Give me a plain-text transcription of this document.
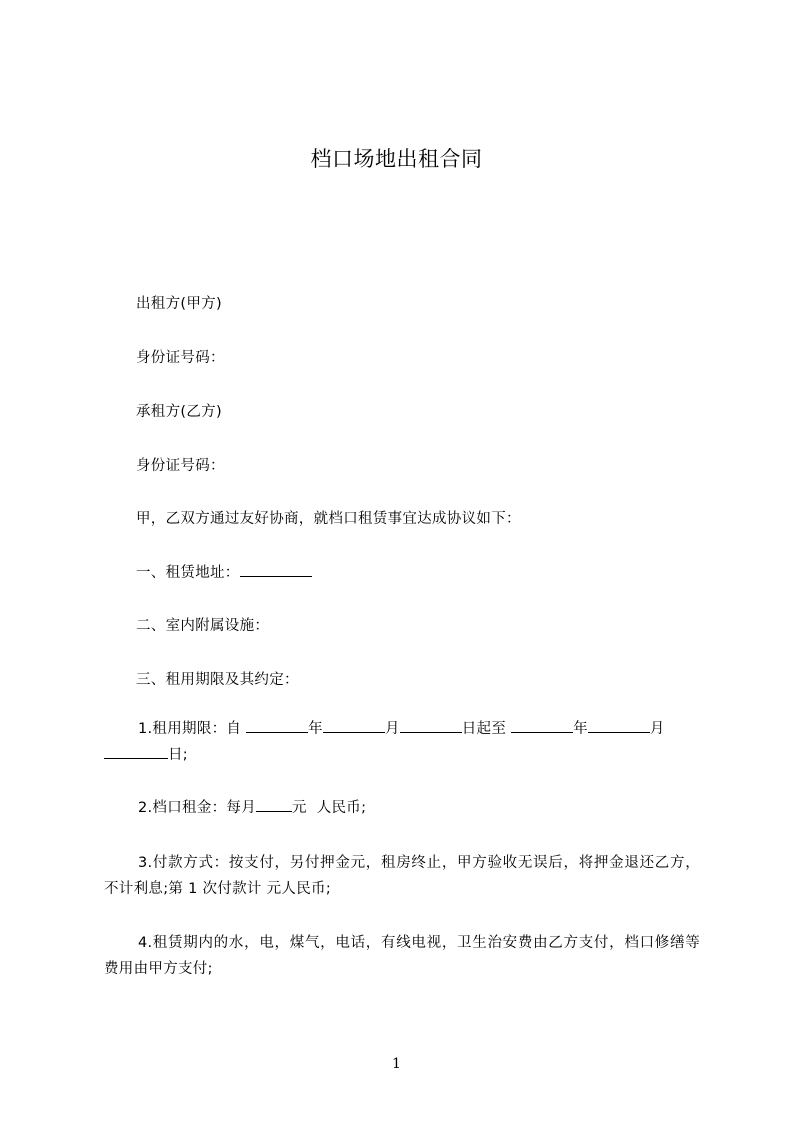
档口场地出租合同
出租方(甲方)
身份证号码：
承租方(乙方)
身份证号码：
甲，乙双方通过友好协商，就档口租赁事宜达成协议如下：
一、租赁地址：
二、室内附属设施：
三、租用期限及其约定：
1.租用期限：自	年	月	日起至	年	月
日;
2.档口租金：每月 元 人民币;
3.付款方式：按支付，另付押金元，租房终止，甲方验收无误后，将押金退还乙方，不计利息;第 1 次付款计 元人民币;
4.租赁期内的水，电，煤气，电话，有线电视，卫生治安费由乙方支付，档口修缮等费用由甲方支付;
1
